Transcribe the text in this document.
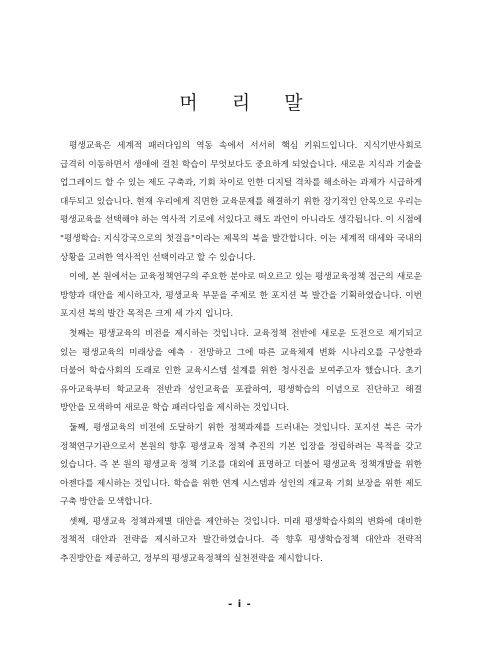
머 리 말

평생교육은 세계적 패러다임의 역동 속에서 서서히 핵심 키워드입니다. 지식기반사회로 급격히 이동하면서 생애에 걸친 학습이 무엇보다도 중요하게 되었습니다. 새로운 지식과 기술을 업그레이드 할 수 있는 제도 구축과, 기회 차이로 인한 디지털 격차를 해소하는 과제가 시급하게 대두되고 있습니다. 현재 우리에게 직면한 교육문제를 해결하기 위한 장기적인 안목으로 우리는 평생교육을 선택해야 하는 역사적 기로에 서있다고 해도 과언이 아니라도 생각됩니다. 이 시점에 "평생학습: 지식강국으로의 첫걸음"이라는 제목의 북을 발간합니다. 이는 세계적 대세와 국내의 상황을 고려한 역사적인 선택이라고 할 수 있습니다.

이에, 본 원에서는 교육정책연구의 주요한 분야로 떠오르고 있는 평생교육정책 접근의 새로운 방향과 대안을 제시하고자, 평생교육 부문을 주제로 한 포지션 북 발간을 기획하였습니다. 이번 포지션 북의 발간 목적은 크게 세 가지 입니다.

첫째는 평생교육의 비전을 제시하는 것입니다. 교육정책 전반에 새로운 도전으로 제기되고 있는 평생교육의 미래상을 예측 · 전망하고 그에 따른 교육체제 변화 시나리오를 구상한과 더불어 학습사회의 도래로 인한 교육시스템 설계를 위한 청사진을 보여주고자 했습니다. 초기 유아교육부터 학교교육 전반과 성인교육을 포괄하여, 평생학습의 이념으로 진단하고 해결 방안을 모색하여 새로운 학습 패러다임을 제시하는 것입니다.

둘째, 평생교육의 비전에 도달하기 위한 정책과제를 드러내는 것입니다. 포지션 북은 국가 정책연구기관으로서 본원의 향후 평생교육 정책 추진의 기본 입장을 정립하려는 목적을 갖고 있습니다. 즉 본 원의 평생교육 정책 기조를 대외에 표명하고 더불어 평생교육 정책개발을 위한 아젠다를 제시하는 것입니다. 학습을 위한 연계 시스템과 성인의 재교육 기회 보장을 위한 제도 구축 방안을 모색합니다.

셋째, 평생교육 정책과제별 대안을 제안하는 것입니다. 미래 평생학습사회의 변화에 대비한 정책적 대안과 전략을 제시하고자 발간하였습니다. 즉 향후 평생학습정책 대안과 전략적 추진방안을 제공하고, 정부의 평생교육정책의 실천전략을 제시합니다.

- i -
